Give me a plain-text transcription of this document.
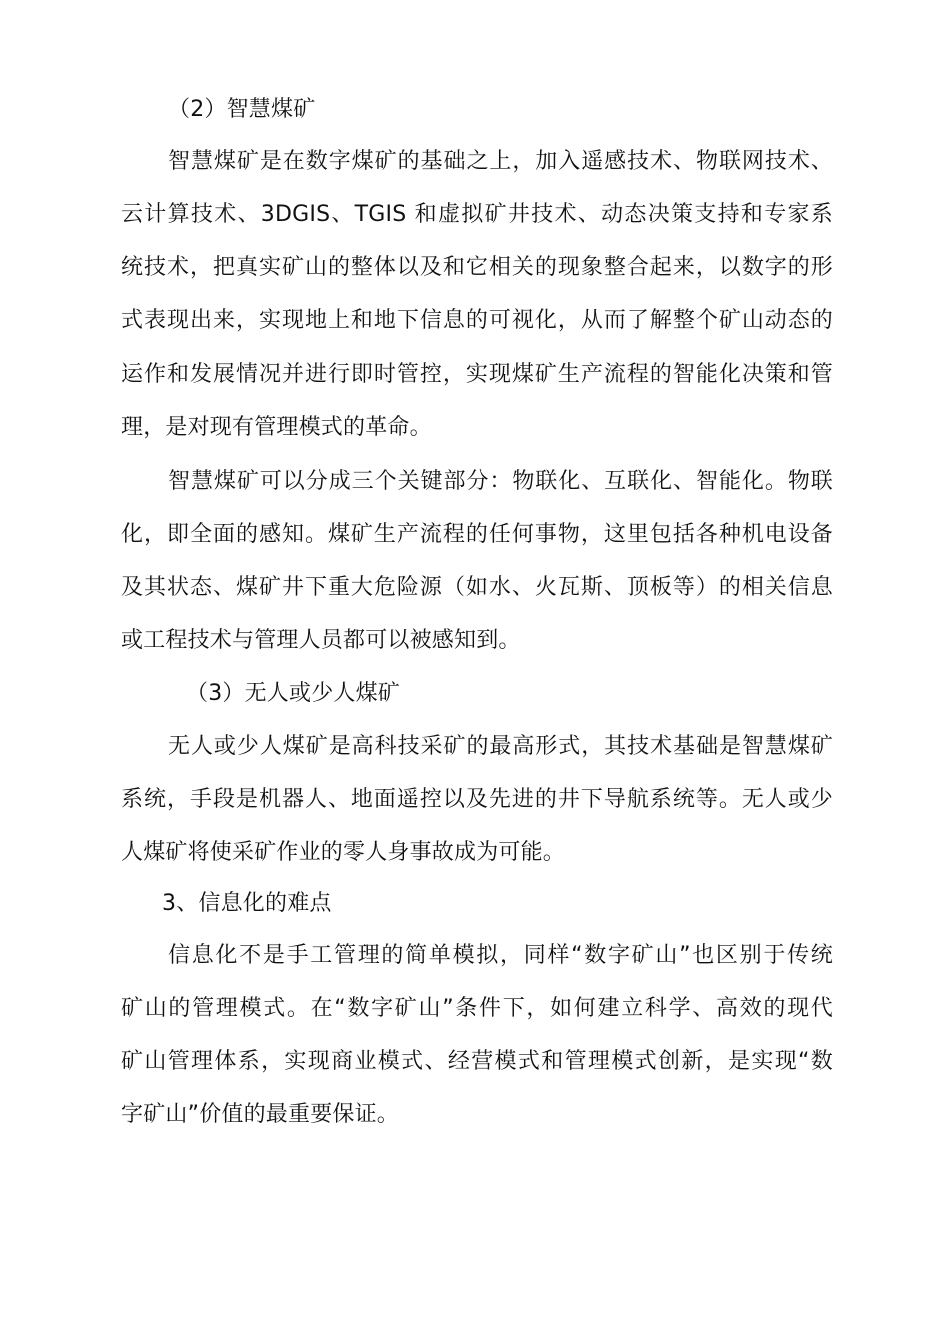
（2）智慧煤矿
智慧煤矿是在数字煤矿的基础之上，加入遥感技术、物联网技术、
云计算技术、3DGIS、TGIS 和虚拟矿井技术、动态决策支持和专家系
统技术，把真实矿山的整体以及和它相关的现象整合起来，以数字的形
式表现出来，实现地上和地下信息的可视化，从而了解整个矿山动态的
运作和发展情况并进行即时管控，实现煤矿生产流程的智能化决策和管
理，是对现有管理模式的革命。
智慧煤矿可以分成三个关键部分：物联化、互联化、智能化。物联
化，即全面的感知。煤矿生产流程的任何事物，这里包括各种机电设备
及其状态、煤矿井下重大危险源（如水、火瓦斯、顶板等）的相关信息
或工程技术与管理人员都可以被感知到。
（3）无人或少人煤矿
无人或少人煤矿是高科技采矿的最高形式，其技术基础是智慧煤矿
系统，手段是机器人、地面遥控以及先进的井下导航系统等。无人或少
人煤矿将使采矿作业的零人身事故成为可能。
3、信息化的难点
信息化不是手工管理的简单模拟，同样“数字矿山”也区别于传统
矿山的管理模式。在“数字矿山”条件下，如何建立科学、高效的现代
矿山管理体系，实现商业模式、经营模式和管理模式创新，是实现“数
字矿山”价值的最重要保证。
